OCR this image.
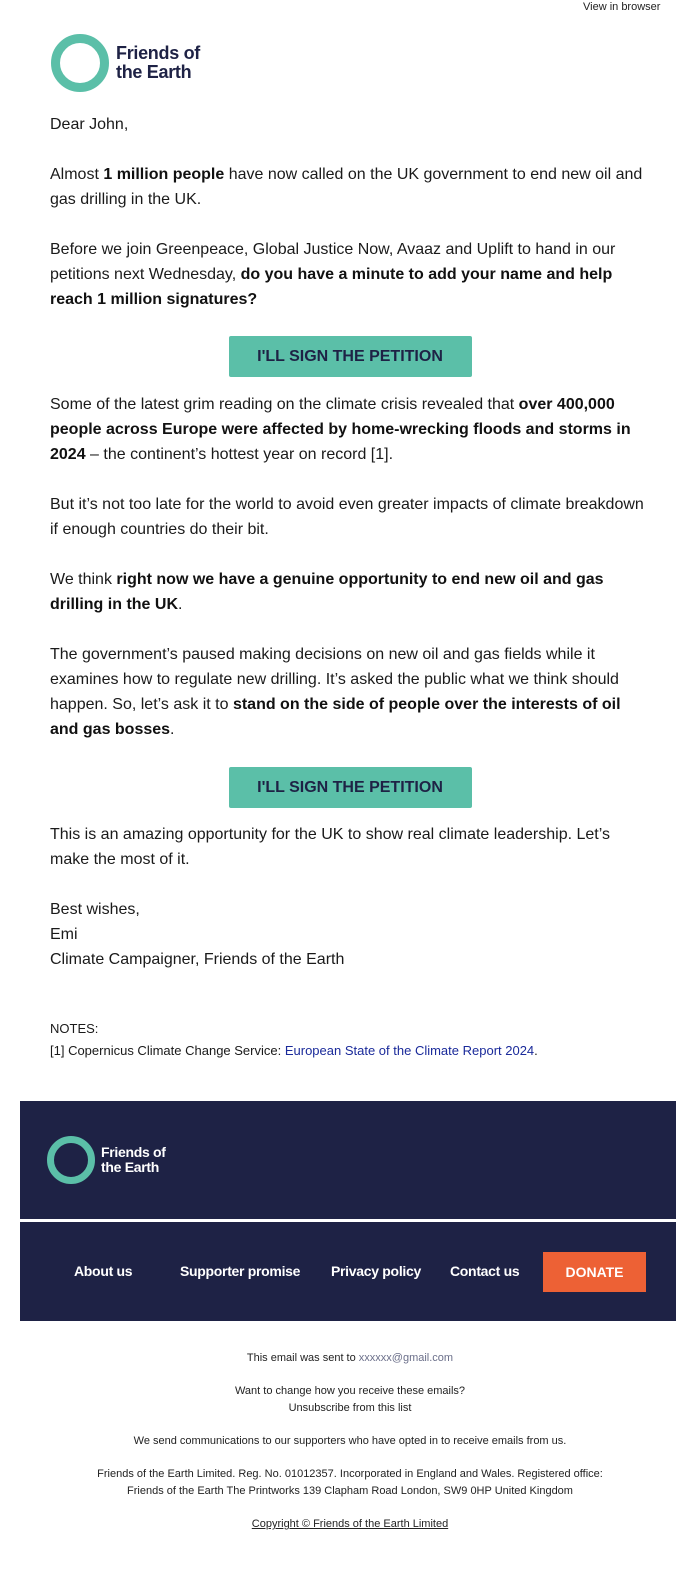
View in browser
Friends of
the Earth

Dear John,

Almost 1 million people have now called on the UK government to end new oil and gas drilling in the UK.

Before we join Greenpeace, Global Justice Now, Avaaz and Uplift to hand in our petitions next Wednesday, do you have a minute to add your name and help reach 1 million signatures?

I'LL SIGN THE PETITION

Some of the latest grim reading on the climate crisis revealed that over 400,000 people across Europe were affected by home-wrecking floods and storms in 2024 – the continent’s hottest year on record [1].

But it’s not too late for the world to avoid even greater impacts of climate breakdown if enough countries do their bit.

We think right now we have a genuine opportunity to end new oil and gas drilling in the UK.

The government’s paused making decisions on new oil and gas fields while it examines how to regulate new drilling. It’s asked the public what we think should happen. So, let’s ask it to stand on the side of people over the interests of oil and gas bosses.

I'LL SIGN THE PETITION

This is an amazing opportunity for the UK to show real climate leadership. Let’s make the most of it.

Best wishes,

Emi

Climate Campaigner, Friends of the Earth

NOTES:

[1] Copernicus Climate Change Service: European State of the Climate Report 2024.

Friends of
the Earth
About us	Supporter promise Privacy policy Contact us	DONATE

This email was sent to xxxxxx@gmail.com

Want to change how you receive these emails?

Unsubscribe from this list

We send communications to our supporters who have opted in to receive emails from us.

Friends of the Earth Limited. Reg. No. 01012357. Incorporated in England and Wales. Registered office:

Friends of the Earth The Printworks 139 Clapham Road London, SW9 0HP United Kingdom

Copyright © Friends of the Earth Limited
